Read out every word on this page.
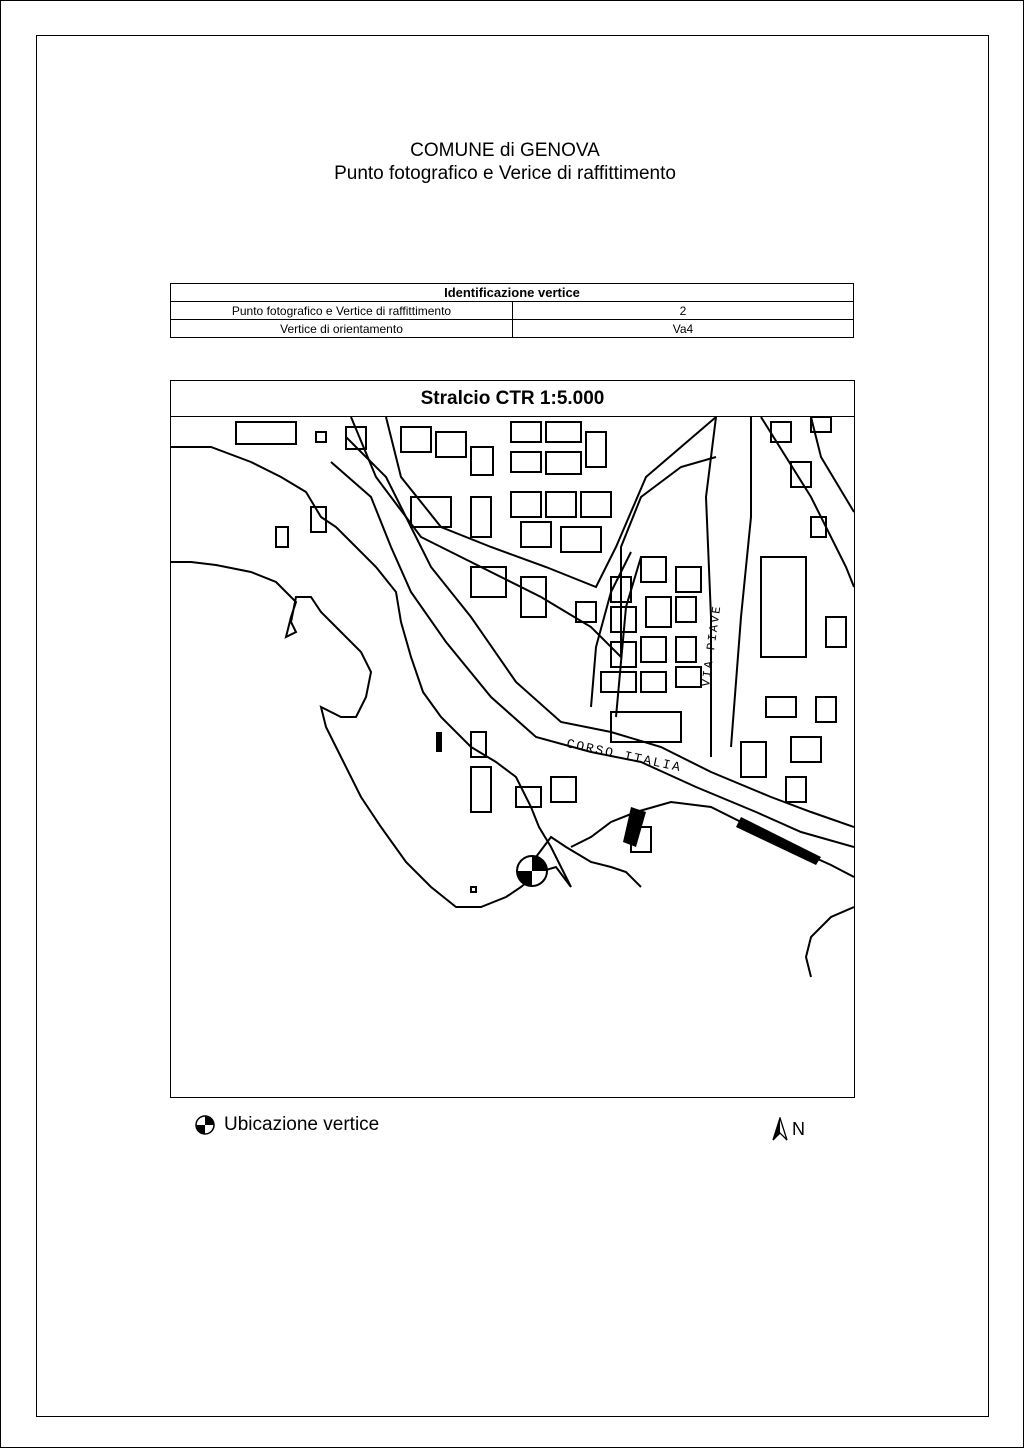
COMUNE di GENOVA
Punto fotografico e Verice di raffittimento
Identificazione vertice	
Punto fotografico e Vertice di raffittimento	2
Vertice di orientamento	Va4
Stralcio CTR 1:5.000
CORSO ITALIA
VIA PIAVE
Ubicazione vertice	N
